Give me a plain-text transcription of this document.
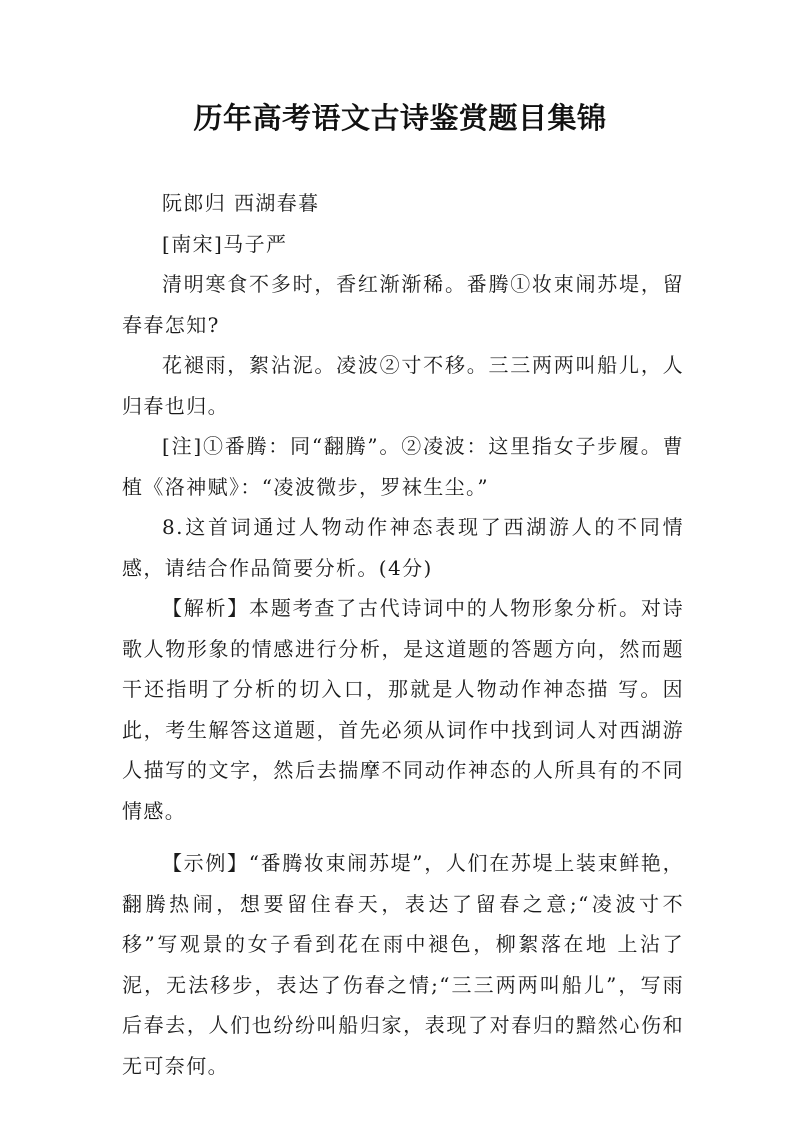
历年高考语文古诗鉴赏题目集锦

阮郎归 西湖春暮

[南宋]马子严

清明寒食不多时，香红渐渐稀。番腾①妆束闹苏堤，留春春怎知?

花褪雨，絮沾泥。凌波②寸不移。三三两两叫船儿，人归春也归。

[注]①番腾：同“翻腾”。②凌波：这里指女子步履。曹植《洛神赋》：“凌波微步，罗袜生尘。”

8.这首词通过人物动作神态表现了西湖游人的不同情感，请结合作品简要分析。(4分)

【解析】本题考查了古代诗词中的人物形象分析。对诗歌人物形象的情感进行分析，是这道题的答题方向，然而题干还指明了分析的切入口，那就是人物动作神态描 写。因此，考生解答这道题，首先必须从词作中找到词人对西湖游人描写的文字，然后去揣摩不同动作神态的人所具有的不同情感。

【示例】“番腾妆束闹苏堤”，人们在苏堤上装束鲜艳，翻腾热闹，想要留住春天，表达了留春之意;“凌波寸不移”写观景的女子看到花在雨中褪色，柳絮落在地 上沾了泥，无法移步，表达了伤春之情;“三三两两叫船儿”，写雨后春去，人们也纷纷叫船归家，表现了对春归的黯然心伤和无可奈何。
